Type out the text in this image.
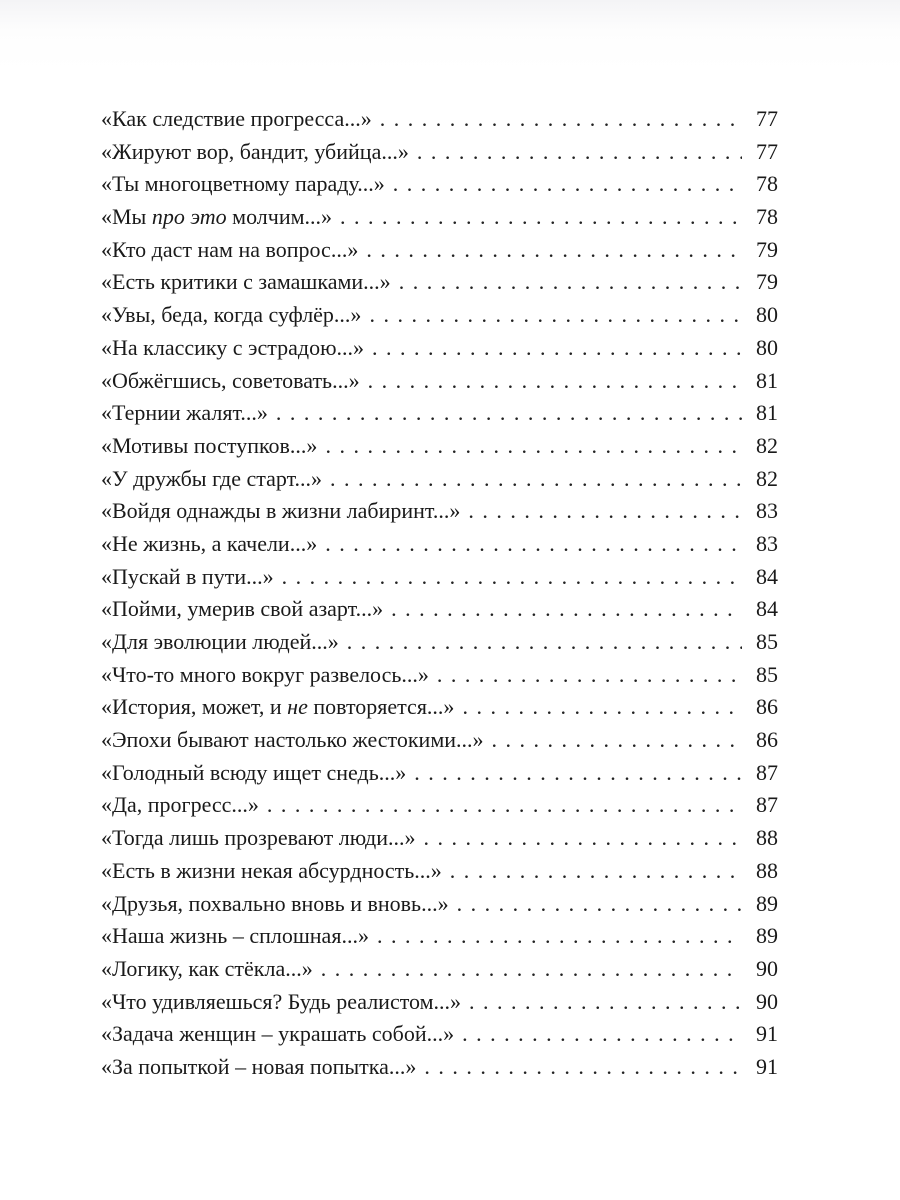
«Как следствие прогресса...» . . .	77
«Жируют вор, бандит, убийца...» . . .	77
«Ты многоцветному параду...» . . .	78
«Мы про это молчим...» . . .	78
«Кто даст нам на вопрос...» . . .	79
«Есть критики с замашками...» . . .	79
«Увы, беда, когда суфлёр...» . . .	80
«На классику с эстрадою...» . . .	80
«Обжёгшись, советовать...» . . .	81
«Тернии жалят...» . . .	81
«Мотивы поступков...» . . .	82
«У дружбы где старт...» . . .	82
«Войдя однажды в жизни лабиринт...» . . .	83
«Не жизнь, а качели...» . . .	83
«Пускай в пути...» . . .	84
«Пойми, умерив свой азарт...» . . .	84
«Для эволюции людей...» . . .	85
«Что-то много вокруг развелось...» . . .	85
«История, может, и не повторяется...» . . .	86
«Эпохи бывают настолько жестокими...» . . .	86
«Голодный всюду ищет снедь...» . . .	87
«Да, прогресс...» . . .	87
«Тогда лишь прозревают люди...» . . .	88
«Есть в жизни некая абсурдность...» . . .	88
«Друзья, похвально вновь и вновь...» . . .	89
«Наша жизнь – сплошная...» . . .	89
«Логику, как стёкла...» . . .	90
«Что удивляешься? Будь реалистом...» . . .	90
«Задача женщин – украшать собой...» . . .	91
«За попыткой – новая попытка...» . . .	91
